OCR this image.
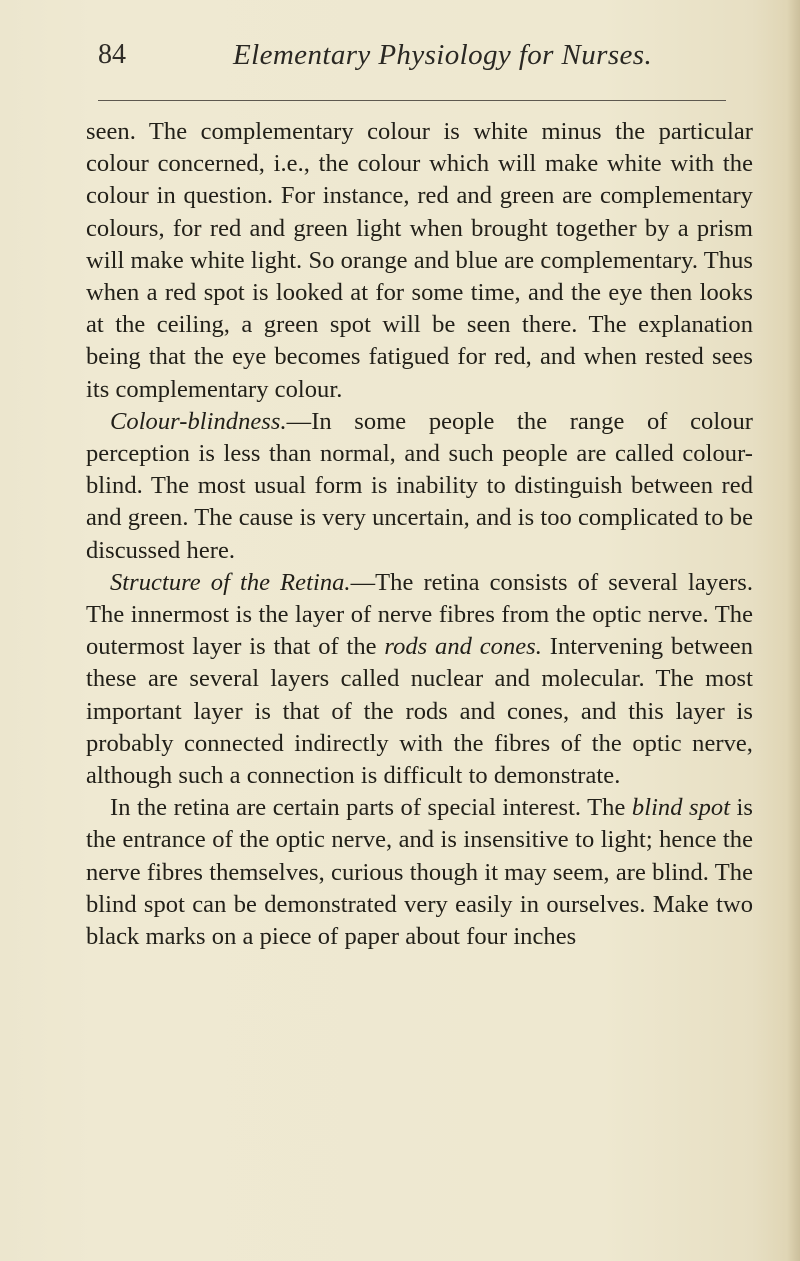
84	Elementary Physiology for Nurses.

seen. The complementary colour is white minus the particular colour concerned, i.e., the colour which will make white with the colour in question. For instance, red and green are complementary colours, for red and green light when brought together by a prism will make white light. So orange and blue are complementary. Thus when a red spot is looked at for some time, and the eye then looks at the ceiling, a green spot will be seen there. The explanation being that the eye becomes fatigued for red, and when rested sees its complementary colour.

Colour-blindness.—In some people the range of colour perception is less than normal, and such people are called colour-blind. The most usual form is inability to distinguish between red and green. The cause is very uncertain, and is too complicated to be discussed here.

Structure of the Retina.—The retina consists of several layers. The innermost is the layer of nerve fibres from the optic nerve. The outermost layer is that of the rods and cones. Intervening between these are several layers called nuclear and molecular. The most important layer is that of the rods and cones, and this layer is probably connected indirectly with the fibres of the optic nerve, although such a connection is difficult to demonstrate.

In the retina are certain parts of special interest. The blind spot is the entrance of the optic nerve, and is insensitive to light; hence the nerve fibres themselves, curious though it may seem, are blind. The blind spot can be demonstrated very easily in ourselves. Make two black marks on a piece of paper about four inches
